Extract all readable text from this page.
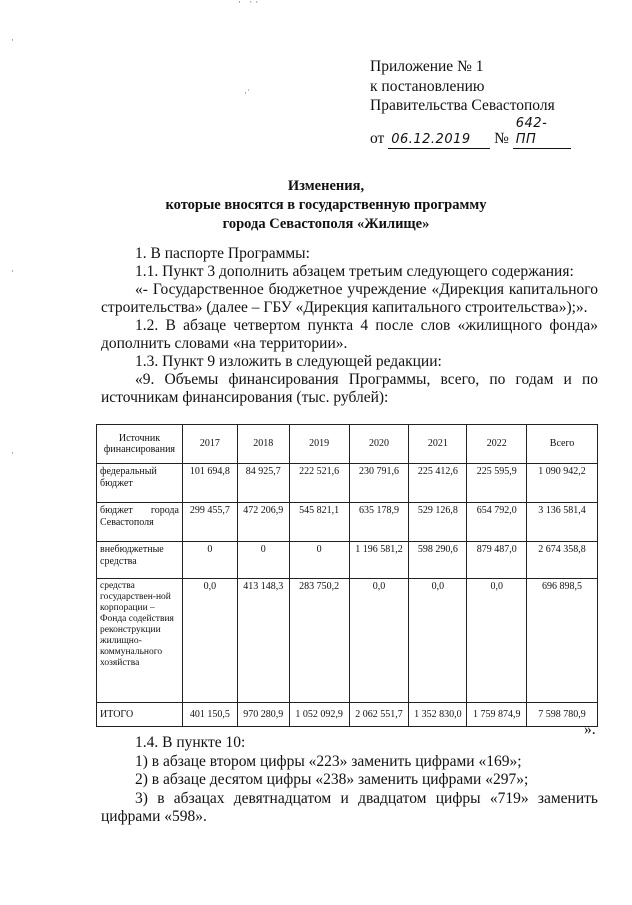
· ˙˙·˙·˙
·
·˙
·
·
Приложение № 1
к постановлению
Правительства Севастополя
от 06.12.2019 № 642-ПП
Изменения,
которые вносятся в государственную программу
города Севастополя «Жилище»

1. В паспорте Программы:

1.1. Пункт 3 дополнить абзацем третьим следующего содержания:

«- Государственное бюджетное учреждение «Дирекция капитального строительства» (далее – ГБУ «Дирекция капитального строительства»);».

1.2. В абзаце четвертом пункта 4 после слов «жилищного фонда» дополнить словами «на территории».

1.3. Пункт 9 изложить в следующей редакции:

«9. Объемы финансирования Программы, всего, по годам и по источникам финансирования (тыс. рублей):

Источник финансирования	2017	2018	2019	2020	2021	2022	Всего
федеральный бюджет	101 694,8	84 925,7	222 521,6	230 791,6	225 412,6	225 595,9	1 090 942,2
бюджет города Севастополя	299 455,7	472 206,9	545 821,1	635 178,9	529 126,8	654 792,0	3 136 581,4
внебюджетные средства	0	0	0	1 196 581,2	598 290,6	879 487,0	2 674 358,8
средства государствен-ной корпорации – Фонда содействия реконструкции жилищно-коммунального хозяйства	0,0	413 148,3	283 750,2	0,0	0,0	0,0	696 898,5
ИТОГО	401 150,5	970 280,9	1 052 092,9	2 062 551,7	1 352 830,0	1 759 874,9	7 598 780,9
».

1.4. В пункте 10:

1) в абзаце втором цифры «223» заменить цифрами «169»;

2) в абзаце десятом цифры «238» заменить цифрами «297»;

3) в абзацах девятнадцатом и двадцатом цифры «719» заменить цифрами «598».
